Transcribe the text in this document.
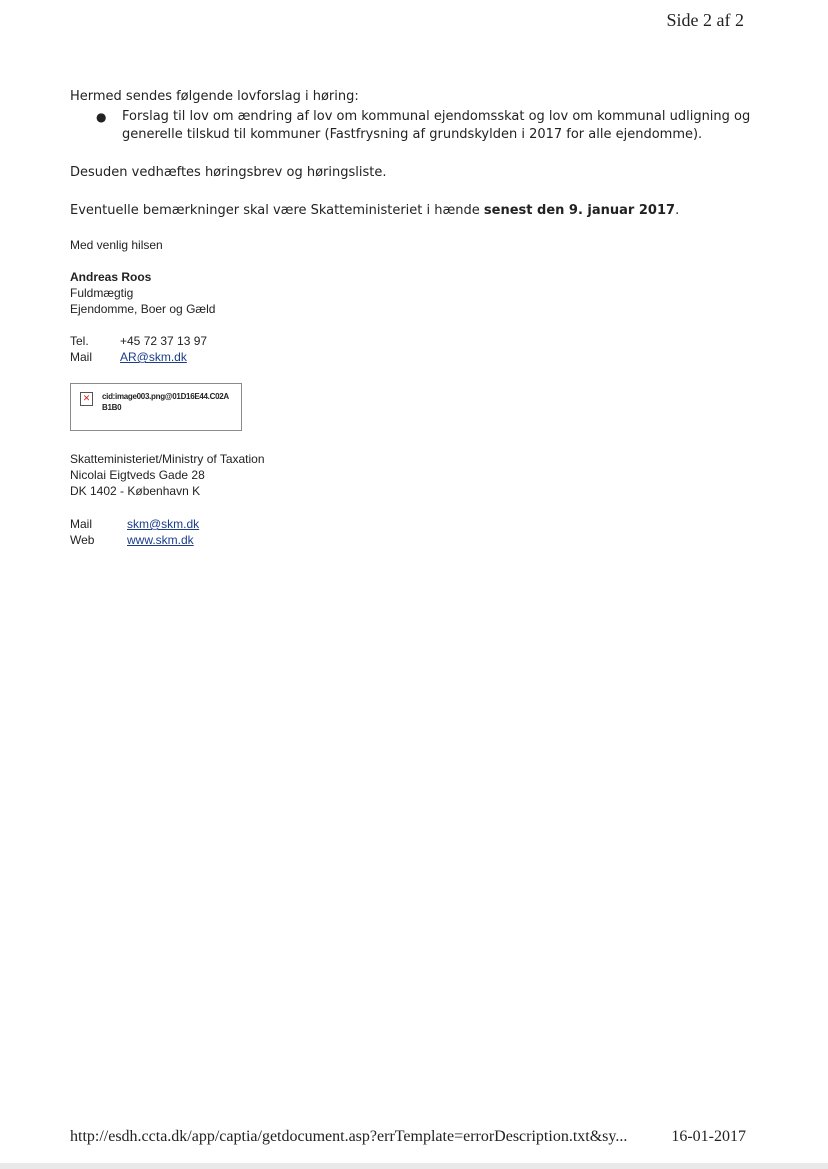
Side 2 af 2
Hermed sendes følgende lovforslag i høring:
● Forslag til lov om ændring af lov om kommunal ejendomsskat og lov om kommunal udligning og generelle tilskud til kommuner (Fastfrysning af grundskylden i 2017 for alle ejendomme).
Desuden vedhæftes høringsbrev og høringsliste.
Eventuelle bemærkninger skal være Skatteministeriet i hænde senest den 9. januar 2017.
Med venlig hilsen
Andreas Roos
Fuldmægtig
Ejendomme, Boer og Gæld
Tel.	+45 72 37 13 97
Mail	AR@skm.dk
✕	cid:image003.png@01D16E44.C02AB1B0
Skatteministeriet/Ministry of Taxation
Nicolai Eigtveds Gade 28
DK 1402 - København K
Mail	skm@skm.dk
Web	www.skm.dk
http://esdh.ccta.dk/app/captia/getdocument.asp?errTemplate=errorDescription.txt&sy...	16-01-2017
